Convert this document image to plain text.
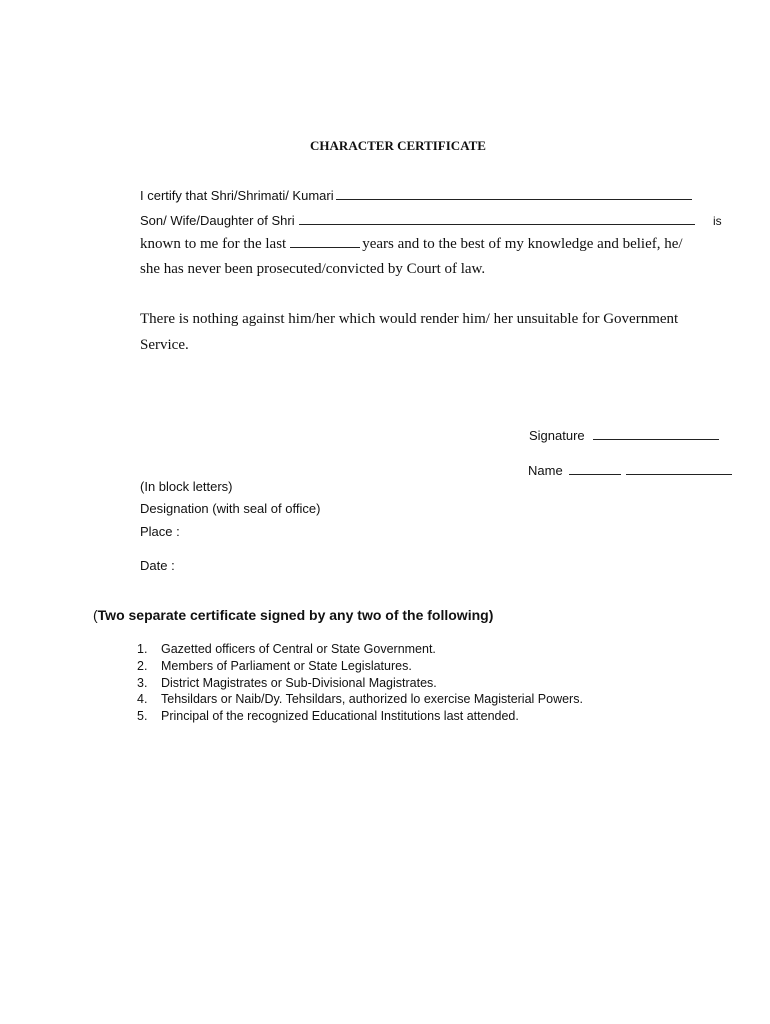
CHARACTER CERTIFICATE
I certify that Shri/Shrimati/ Kumari
Son/ Wife/Daughter of Shri	is
known to me for the last	years and to the best of my knowledge and belief, he/
she has never been prosecuted/convicted by Court of law.
There is nothing against him/her which would render him/ her unsuitable for Government
Service.
Signature
Name
(In block letters)
Designation (with seal of office)
Place :
Date :
(Two separate certificate signed by any two of the following)
1.	Gazetted officers of Central or State Government.
2.	Members of Parliament or State Legislatures.
3.	District Magistrates or Sub-Divisional Magistrates.
4.	Tehsildars or Naib/Dy. Tehsildars, authorized lo exercise Magisterial Powers.
5.	Principal of the recognized Educational Institutions last attended.
